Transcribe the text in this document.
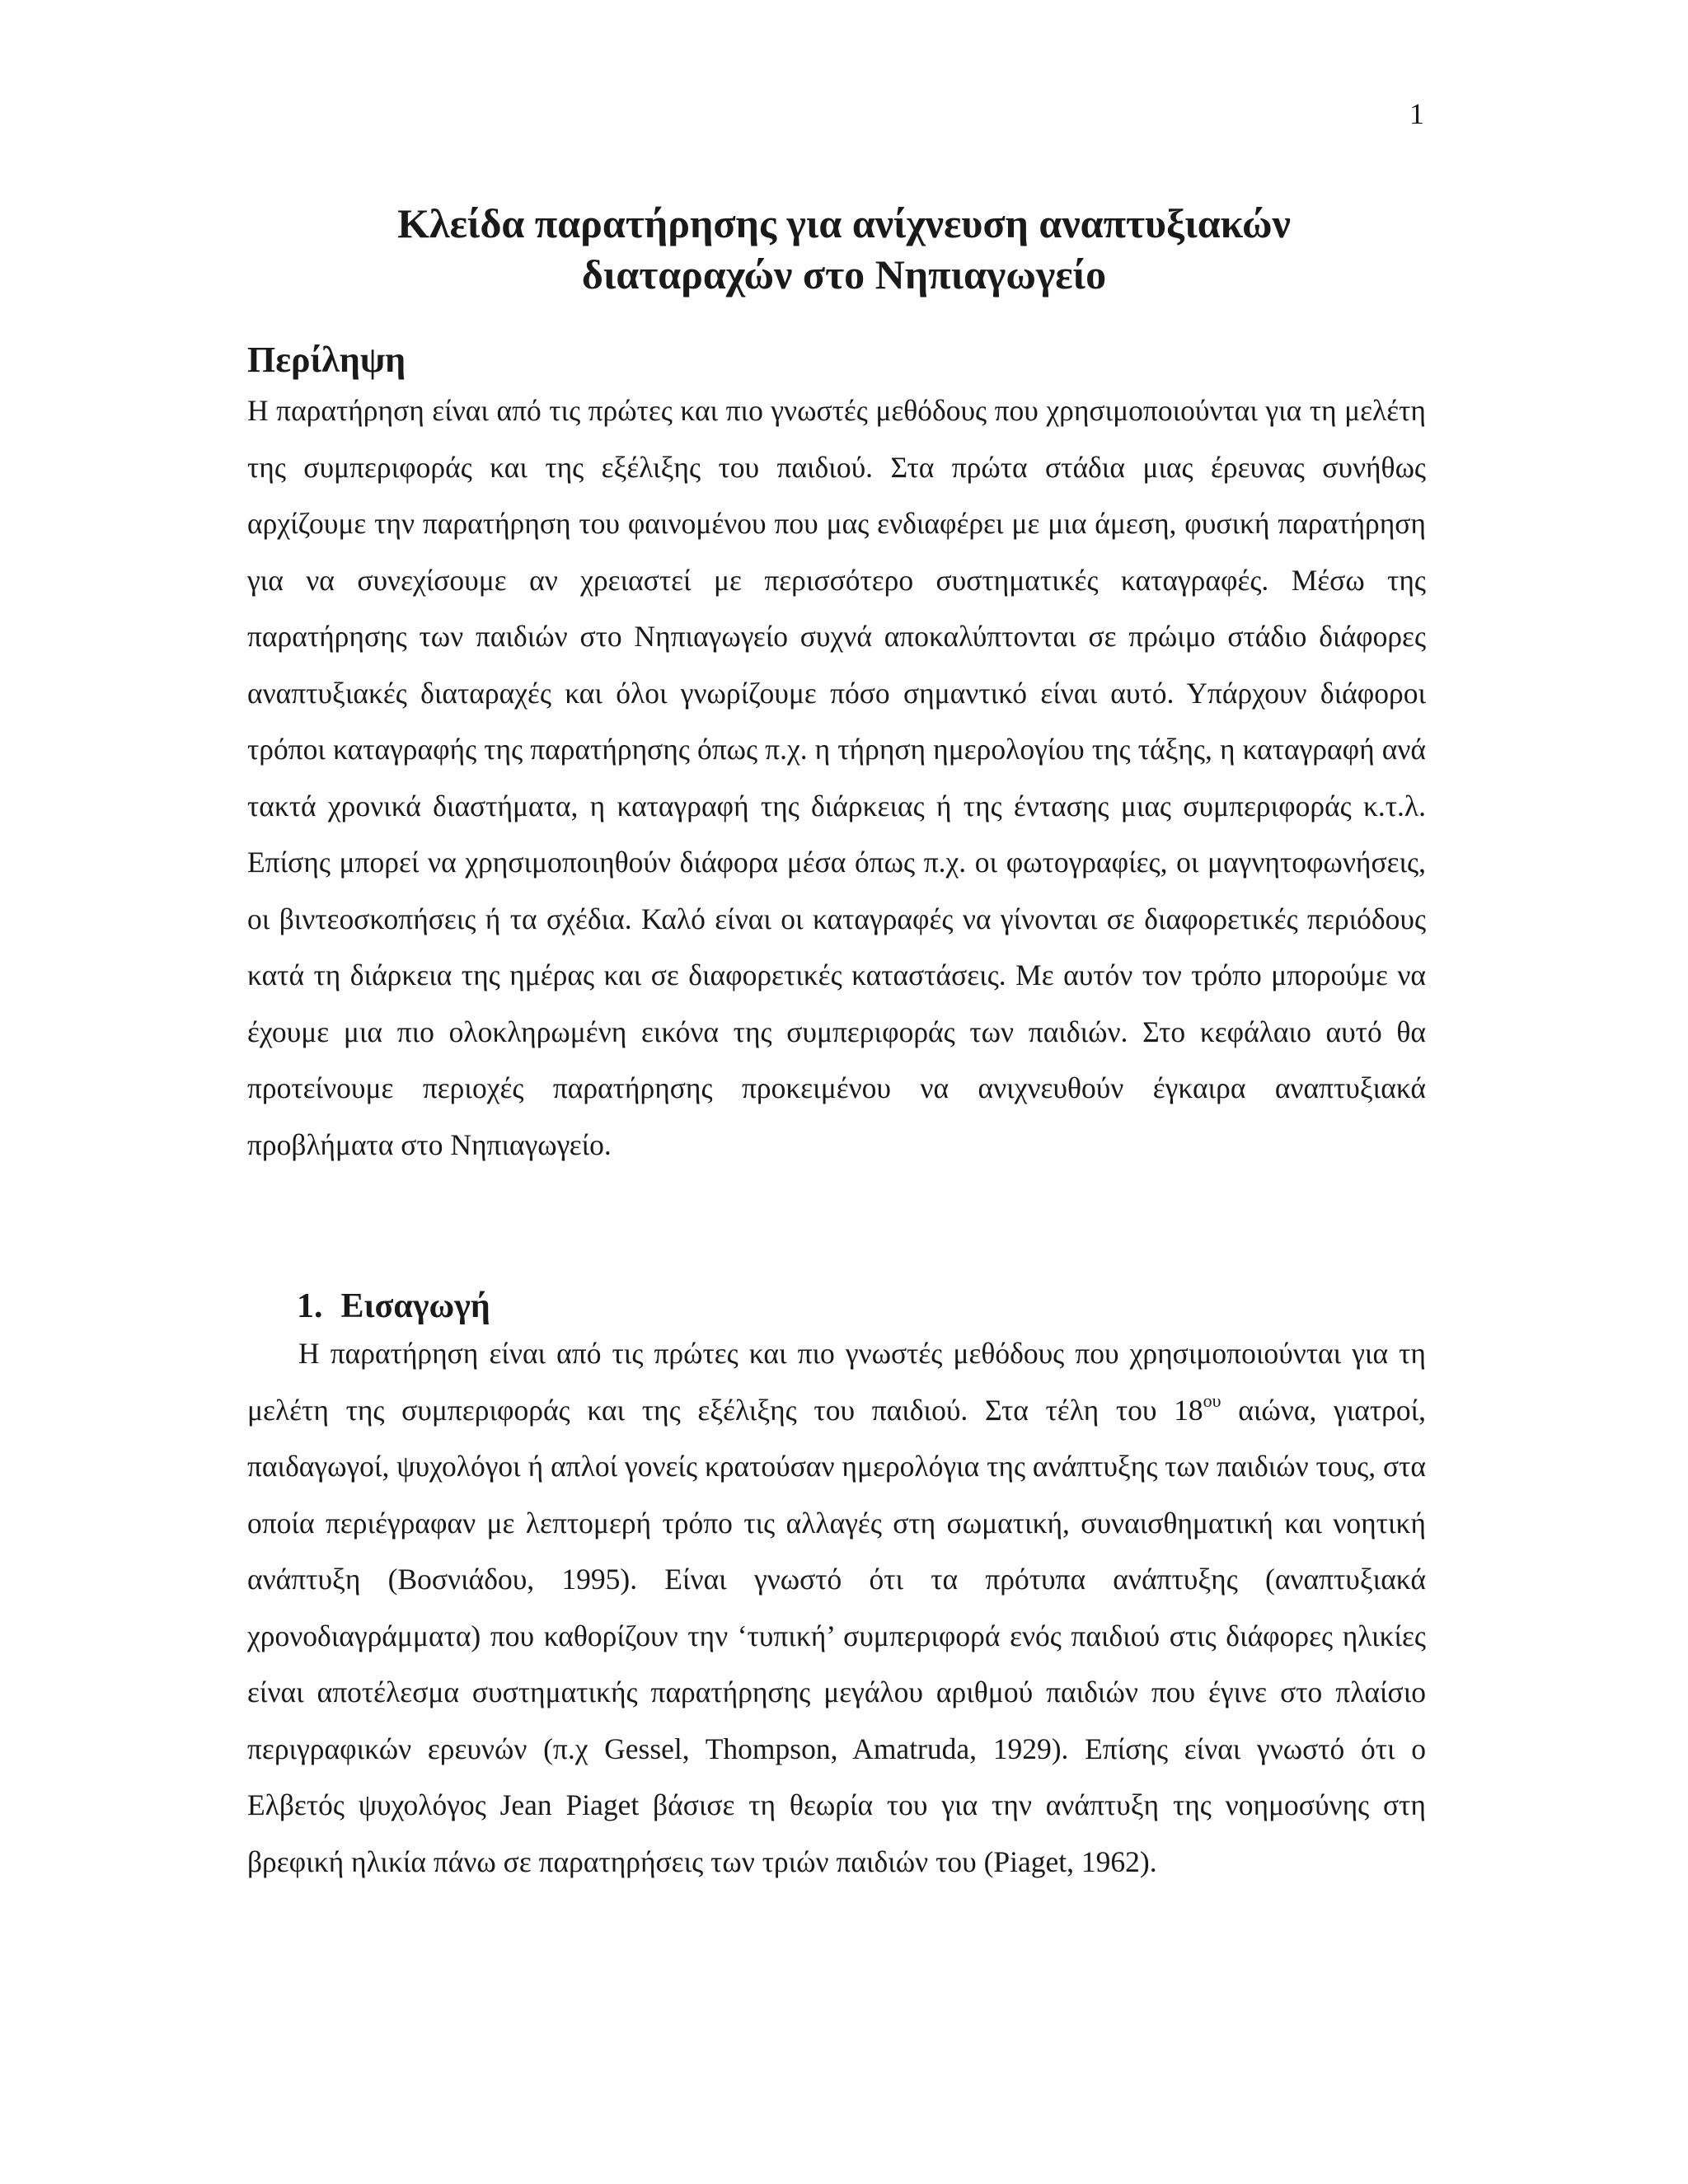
1
Κλείδα παρατήρησης για ανίχνευση αναπτυξιακών
διαταραχών στο Νηπιαγωγείο
Περίληψη

Η παρατήρηση είναι από τις πρώτες και πιο γνωστές μεθόδους που χρησιμοποιούνται για τη μελέτη της συμπεριφοράς και της εξέλιξης του παιδιού. Στα πρώτα στάδια μιας έρευνας συνήθως αρχίζουμε την παρατήρηση του φαινομένου που μας ενδιαφέρει με μια άμεση, φυσική παρατήρηση για να συνεχίσουμε αν χρειαστεί με περισσότερο συστηματικές καταγραφές. Μέσω της παρατήρησης των παιδιών στο Νηπιαγωγείο συχνά αποκαλύπτονται σε πρώιμο στάδιο διάφορες αναπτυξιακές διαταραχές και όλοι γνωρίζουμε πόσο σημαντικό είναι αυτό. Υπάρχουν διάφοροι τρόποι καταγραφής της παρατήρησης όπως π.χ. η τήρηση ημερολογίου της τάξης, η καταγραφή ανά τακτά χρονικά διαστήματα, η καταγραφή της διάρκειας ή της έντασης μιας συμπεριφοράς κ.τ.λ. Επίσης μπορεί να χρησιμοποιηθούν διάφορα μέσα όπως π.χ. οι φωτογραφίες, οι μαγνητοφωνήσεις, οι βιντεοσκοπήσεις ή τα σχέδια. Καλό είναι οι καταγραφές να γίνονται σε διαφορετικές περιόδους κατά τη διάρκεια της ημέρας και σε διαφορετικές καταστάσεις. Με αυτόν τον τρόπο μπορούμε να έχουμε μια πιο ολοκληρωμένη εικόνα της συμπεριφοράς των παιδιών. Στο κεφάλαιο αυτό θα προτείνουμε περιοχές παρατήρησης προκειμένου να ανιχνευθούν έγκαιρα αναπτυξιακά προβλήματα στο Νηπιαγωγείο.

1. Εισαγωγή

Η παρατήρηση είναι από τις πρώτες και πιο γνωστές μεθόδους που χρησιμοποιούνται για τη μελέτη της συμπεριφοράς και της εξέλιξης του παιδιού. Στα τέλη του $18^{o\upsilon}$ αιώνα, γιατροί, παιδαγωγοί, ψυχολόγοι ή απλοί γονείς κρατούσαν ημερολόγια της ανάπτυξης των παιδιών τους, στα οποία περιέγραφαν με λεπτομερή τρόπο τις αλλαγές στη σωματική, συναισθηματική και νοητική ανάπτυξη (Βοσνιάδου, 1995). Είναι γνωστό ότι τα πρότυπα ανάπτυξης (αναπτυξιακά χρονοδιαγράμματα) που καθορίζουν την ‘τυπική’ συμπεριφορά ενός παιδιού στις διάφορες ηλικίες είναι αποτέλεσμα συστηματικής παρατήρησης μεγάλου αριθμού παιδιών που έγινε στο πλαίσιο περιγραφικών ερευνών (π.χ Gessel, Thompson, Amatruda, 1929). Επίσης είναι γνωστό ότι ο Ελβετός ψυχολόγος Jean Piaget βάσισε τη θεωρία του για την ανάπτυξη της νοημοσύνης στη βρεφική ηλικία πάνω σε παρατηρήσεις των τριών παιδιών του (Piaget, 1962).
